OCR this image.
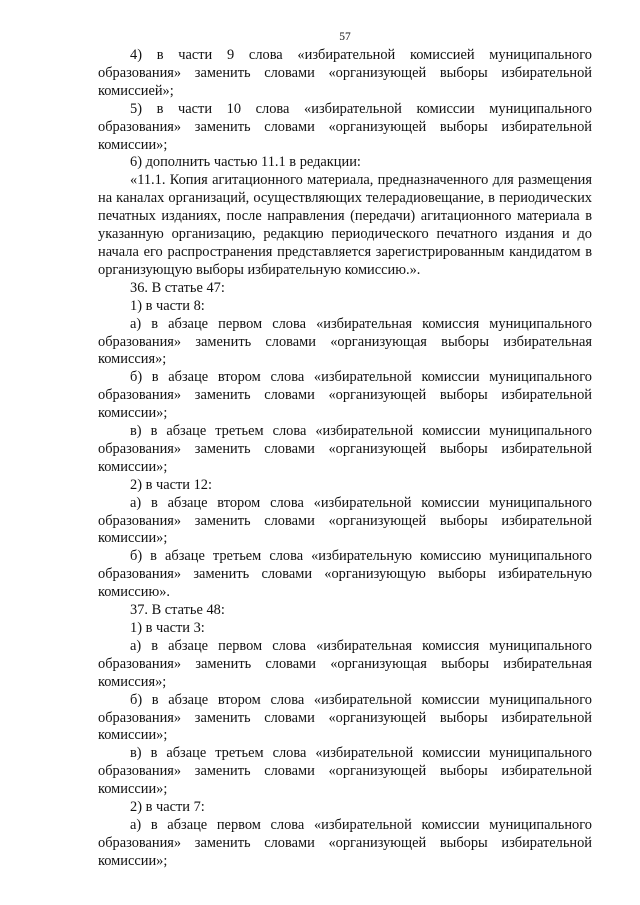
57

4) в части 9 слова «избирательной комиссией муниципального образования» заменить словами «организующей выборы избирательной комиссией»;

5) в части 10 слова «избирательной комиссии муниципального образования» заменить словами «организующей выборы избирательной комиссии»;

6) дополнить частью 11.1 в редакции:

«11.1. Копия агитационного материала, предназначенного для размещения на каналах организаций, осуществляющих телерадиовещание, в периодических печатных изданиях, после направления (передачи) агитационного материала в указанную организацию, редакцию периодического печатного издания и до начала его распространения представляется зарегистрированным кандидатом в организующую выборы избирательную комиссию.».

36. В статье 47:

1) в части 8:

а) в абзаце первом слова «избирательная комиссия муниципального образования» заменить словами «организующая выборы избирательная комиссия»;

б) в абзаце втором слова «избирательной комиссии муниципального образования» заменить словами «организующей выборы избирательной комиссии»;

в) в абзаце третьем слова «избирательной комиссии муниципального образования» заменить словами «организующей выборы избирательной комиссии»;

2) в части 12:

а) в абзаце втором слова «избирательной комиссии муниципального образования» заменить словами «организующей выборы избирательной комиссии»;

б) в абзаце третьем слова «избирательную комиссию муниципального образования» заменить словами «организующую выборы избирательную комиссию».

37. В статье 48:

1) в части 3:

а) в абзаце первом слова «избирательная комиссия муниципального образования» заменить словами «организующая выборы избирательная комиссия»;

б) в абзаце втором слова «избирательной комиссии муниципального образования» заменить словами «организующей выборы избирательной комиссии»;

в) в абзаце третьем слова «избирательной комиссии муниципального образования» заменить словами «организующей выборы избирательной комиссии»;

2) в части 7:

а) в абзаце первом слова «избирательной комиссии муниципального образования» заменить словами «организующей выборы избирательной комиссии»;
